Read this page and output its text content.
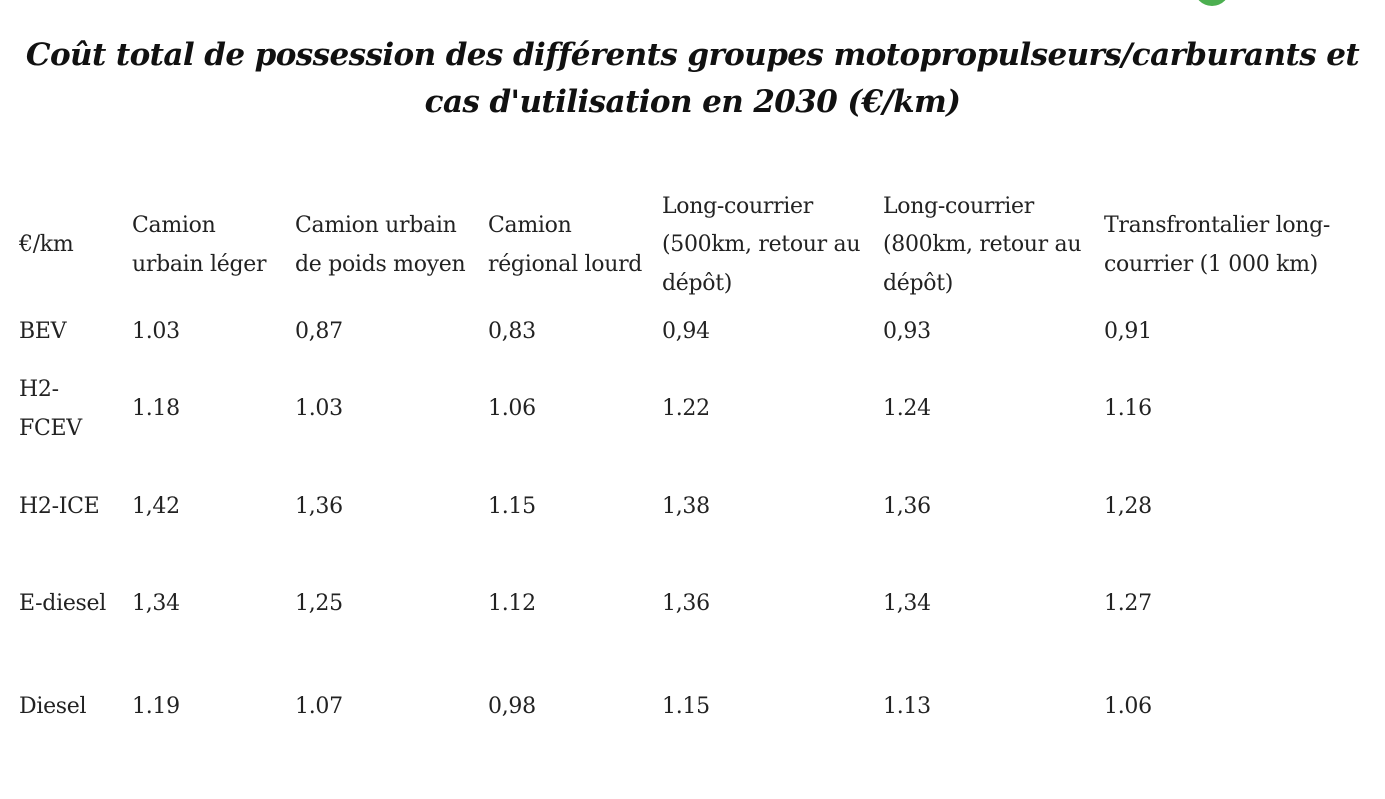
Coût total de possession des différents groupes motopropulseurs/carburants et cas d'utilisation en 2030 (€/km)
€/km	Camion urbain léger	Camion urbain de poids moyen	Camion régional lourd	Long-courrier (500km, retour au dépôt)	Long-courrier (800km, retour au dépôt)	Transfrontalier long-courrier (1 000 km)
BEV	1.03	0,87	0,83	0,94	0,93	0,91
H2-FCEV	1.18	1.03	1.06	1.22	1.24	1.16
H2-ICE	1,42	1,36	1.15	1,38	1,36	1,28
E-diesel	1,34	1,25	1.12	1,36	1,34	1.27
Diesel	1.19	1.07	0,98	1.15	1.13	1.06
